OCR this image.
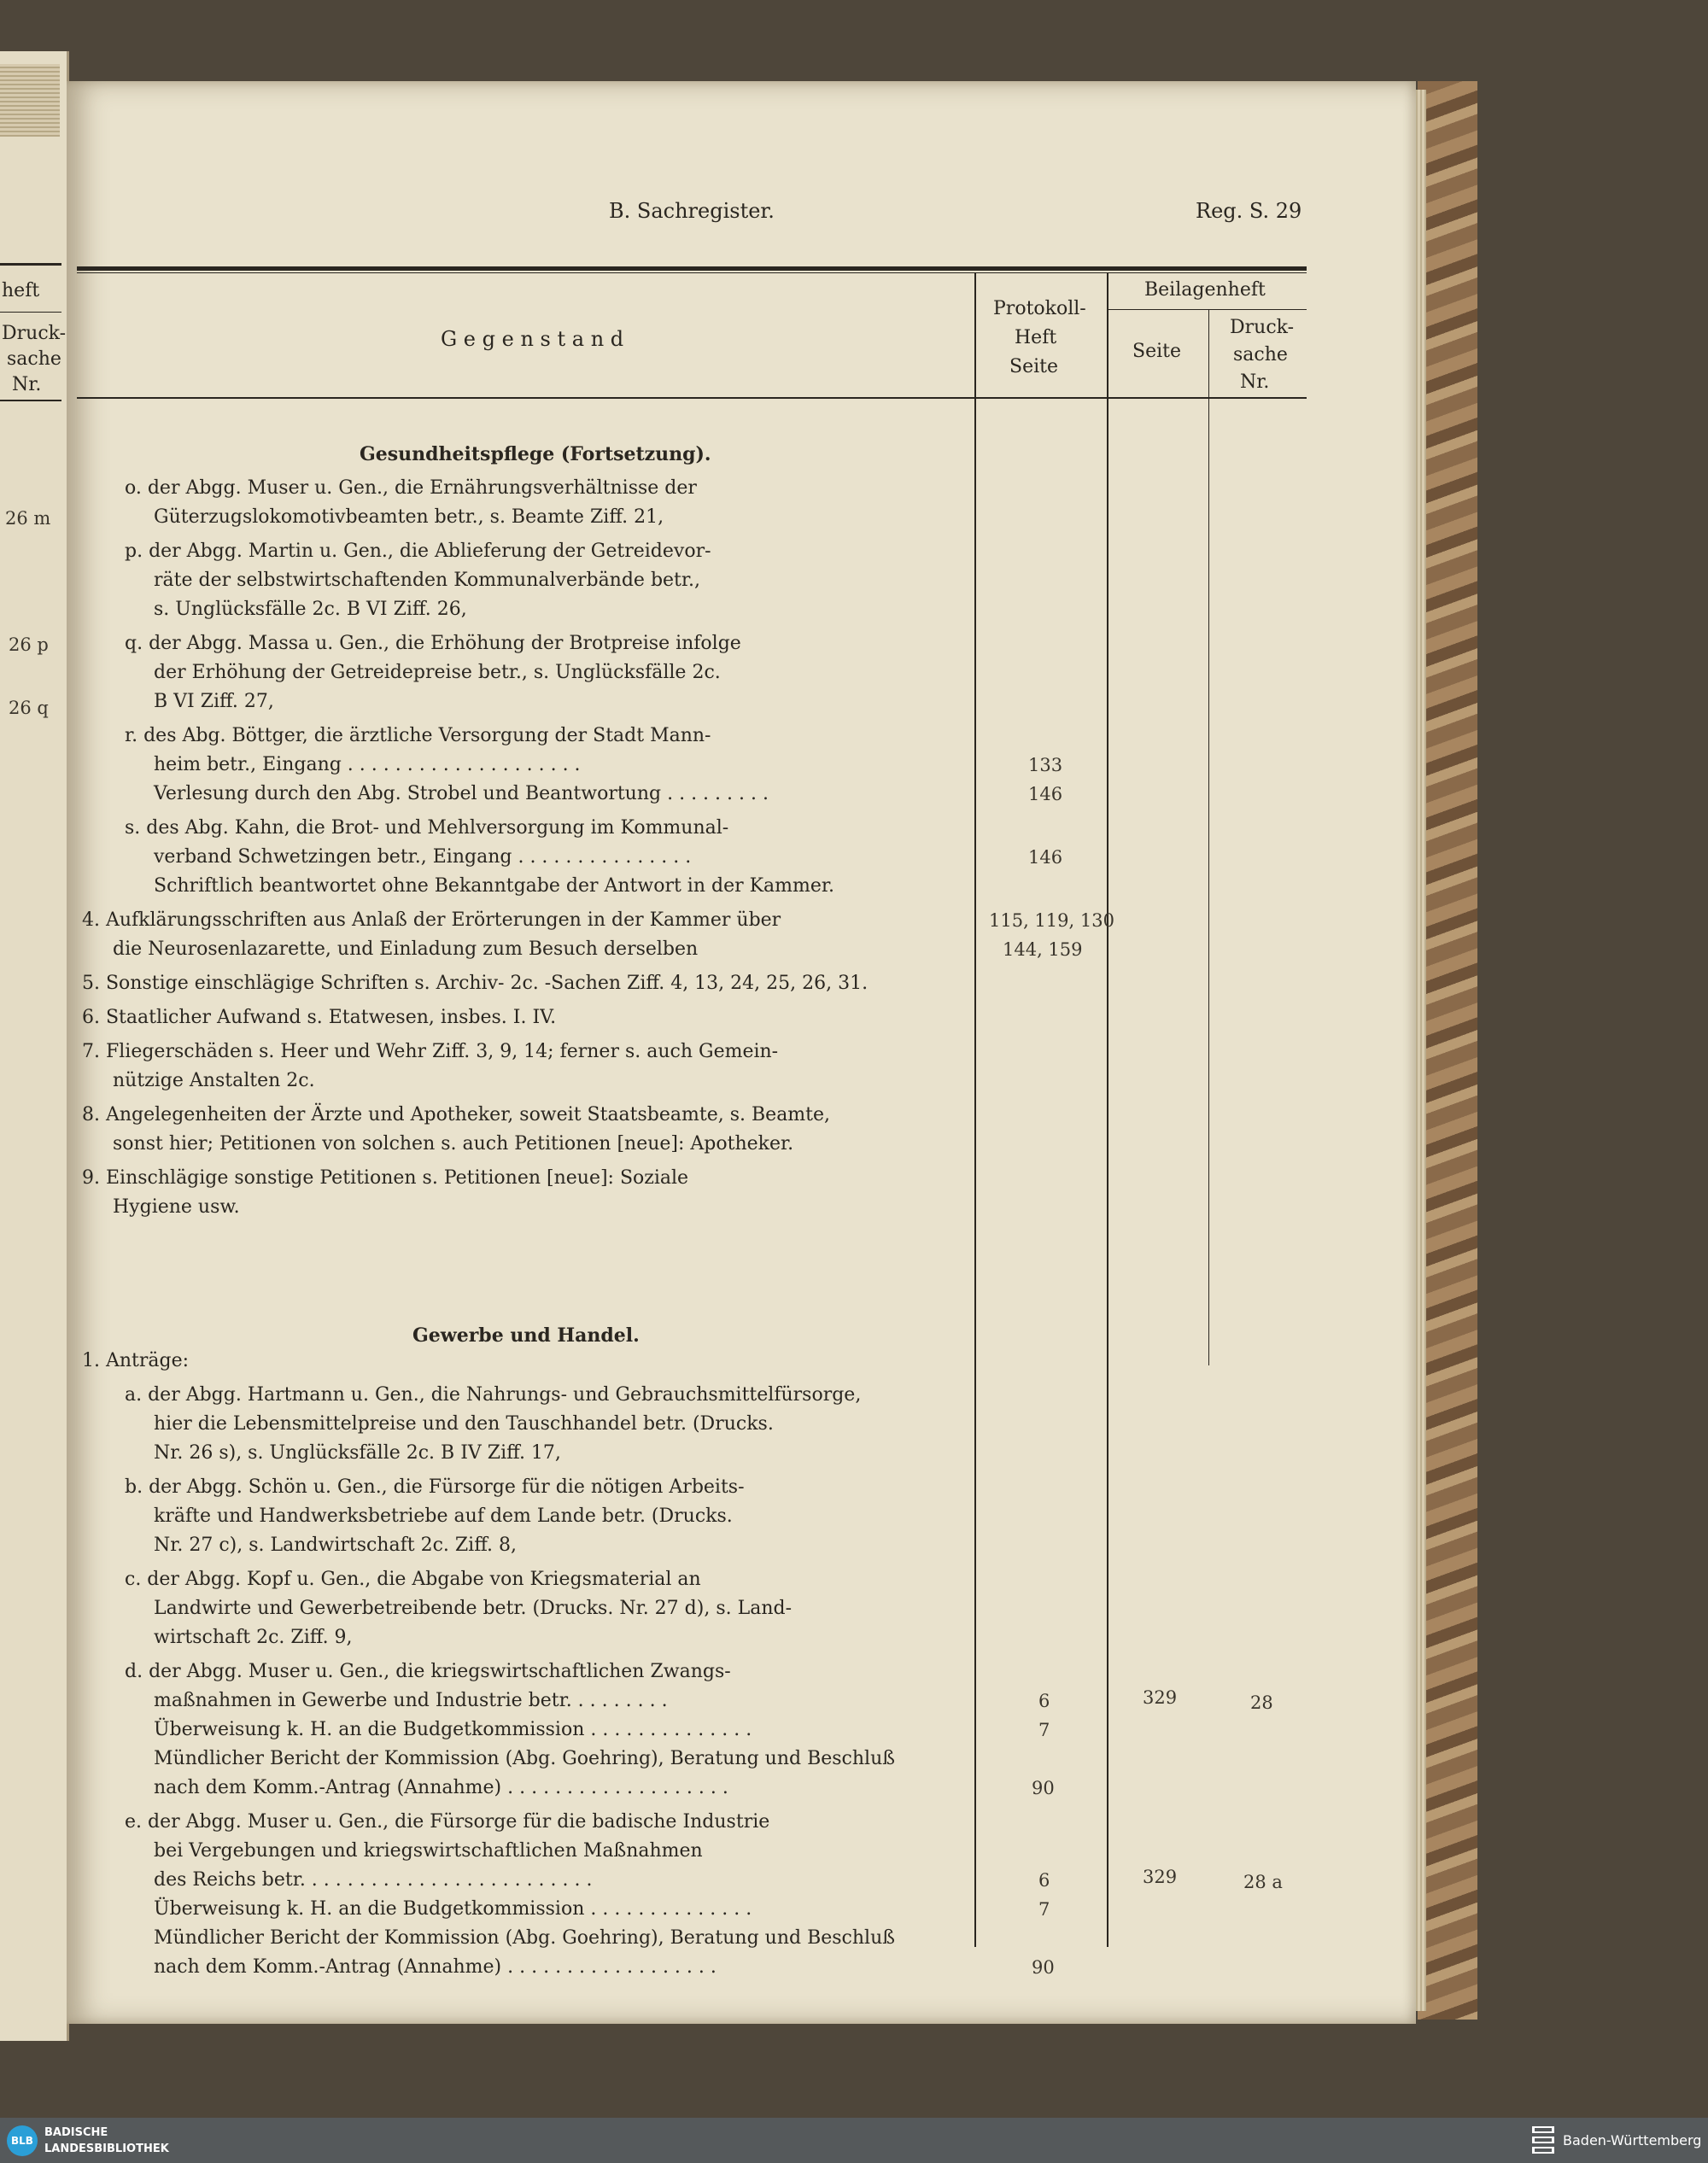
heft
Druck-
sache
Nr.
26 m
26 p
26 q
B. Sachregister.	Reg. S. 29
G e g e n s t a n d
Protokoll-
Heft
Seite
Beilagenheft
Seite
Druck-
sache
Nr.
Gesundheitspflege (Fortsetzung).
Gewerbe und Handel.
o. der Abgg. Muser u. Gen., die Ernährungsverhältnisse der
Güterzugslokomotivbeamten betr., s. Beamte Ziff. 21,
p. der Abgg. Martin u. Gen., die Ablieferung der Getreidevor-
räte der selbstwirtschaftenden Kommunalverbände betr.,
s. Unglücksfälle 2c. B VI Ziff. 26,
q. der Abgg. Massa u. Gen., die Erhöhung der Brotpreise infolge
der Erhöhung der Getreidepreise betr., s. Unglücksfälle 2c.
B VI Ziff. 27,
r. des Abg. Böttger, die ärztliche Versorgung der Stadt Mann-
heim betr., Eingang . . . . . . . . . . . . . . . . . . . .
Verlesung durch den Abg. Strobel und Beantwortung . . . . . . . . .
s. des Abg. Kahn, die Brot- und Mehlversorgung im Kommunal-
verband Schwetzingen betr., Eingang . . . . . . . . . . . . . . .
Schriftlich beantwortet ohne Bekanntgabe der Antwort in der Kammer.
4. Aufklärungsschriften aus Anlaß der Erörterungen in der Kammer über
die Neurosenlazarette, und Einladung zum Besuch derselben
5. Sonstige einschlägige Schriften s. Archiv- 2c. -Sachen Ziff. 4, 13, 24, 25, 26, 31.
6. Staatlicher Aufwand s. Etatwesen, insbes. I. IV.
7. Fliegerschäden s. Heer und Wehr Ziff. 3, 9, 14; ferner s. auch Gemein-
nützige Anstalten 2c.
8. Angelegenheiten der Ärzte und Apotheker, soweit Staatsbeamte, s. Beamte,
sonst hier; Petitionen von solchen s. auch Petitionen [neue]: Apotheker.
9. Einschlägige sonstige Petitionen s. Petitionen [neue]: Soziale
Hygiene usw.
1. Anträge:
a. der Abgg. Hartmann u. Gen., die Nahrungs- und Gebrauchsmittelfürsorge,
hier die Lebensmittelpreise und den Tauschhandel betr. (Drucks.
Nr. 26 s), s. Unglücksfälle 2c. B IV Ziff. 17,
b. der Abgg. Schön u. Gen., die Fürsorge für die nötigen Arbeits-
kräfte und Handwerksbetriebe auf dem Lande betr. (Drucks.
Nr. 27 c), s. Landwirtschaft 2c. Ziff. 8,
c. der Abgg. Kopf u. Gen., die Abgabe von Kriegsmaterial an
Landwirte und Gewerbetreibende betr. (Drucks. Nr. 27 d), s. Land-
wirtschaft 2c. Ziff. 9,
d. der Abgg. Muser u. Gen., die kriegswirtschaftlichen Zwangs-
maßnahmen in Gewerbe und Industrie betr. . . . . . . . .
Überweisung k. H. an die Budgetkommission . . . . . . . . . . . . . .
Mündlicher Bericht der Kommission (Abg. Goehring), Beratung und Beschluß
nach dem Komm.-Antrag (Annahme) . . . . . . . . . . . . . . . . . . .
e. der Abgg. Muser u. Gen., die Fürsorge für die badische Industrie
bei Vergebungen und kriegswirtschaftlichen Maßnahmen
des Reichs betr. . . . . . . . . . . . . . . . . . . . . . . . .
Überweisung k. H. an die Budgetkommission . . . . . . . . . . . . . .
Mündlicher Bericht der Kommission (Abg. Goehring), Beratung und Beschluß
nach dem Komm.-Antrag (Annahme) . . . . . . . . . . . . . . . . . .
133
146
146
115, 119, 130
144, 159
6
7
90
6
7
90
329
329
28
28 a
BLB
BADISCHE
LANDESBIBLIOTHEK
Baden-Württemberg
